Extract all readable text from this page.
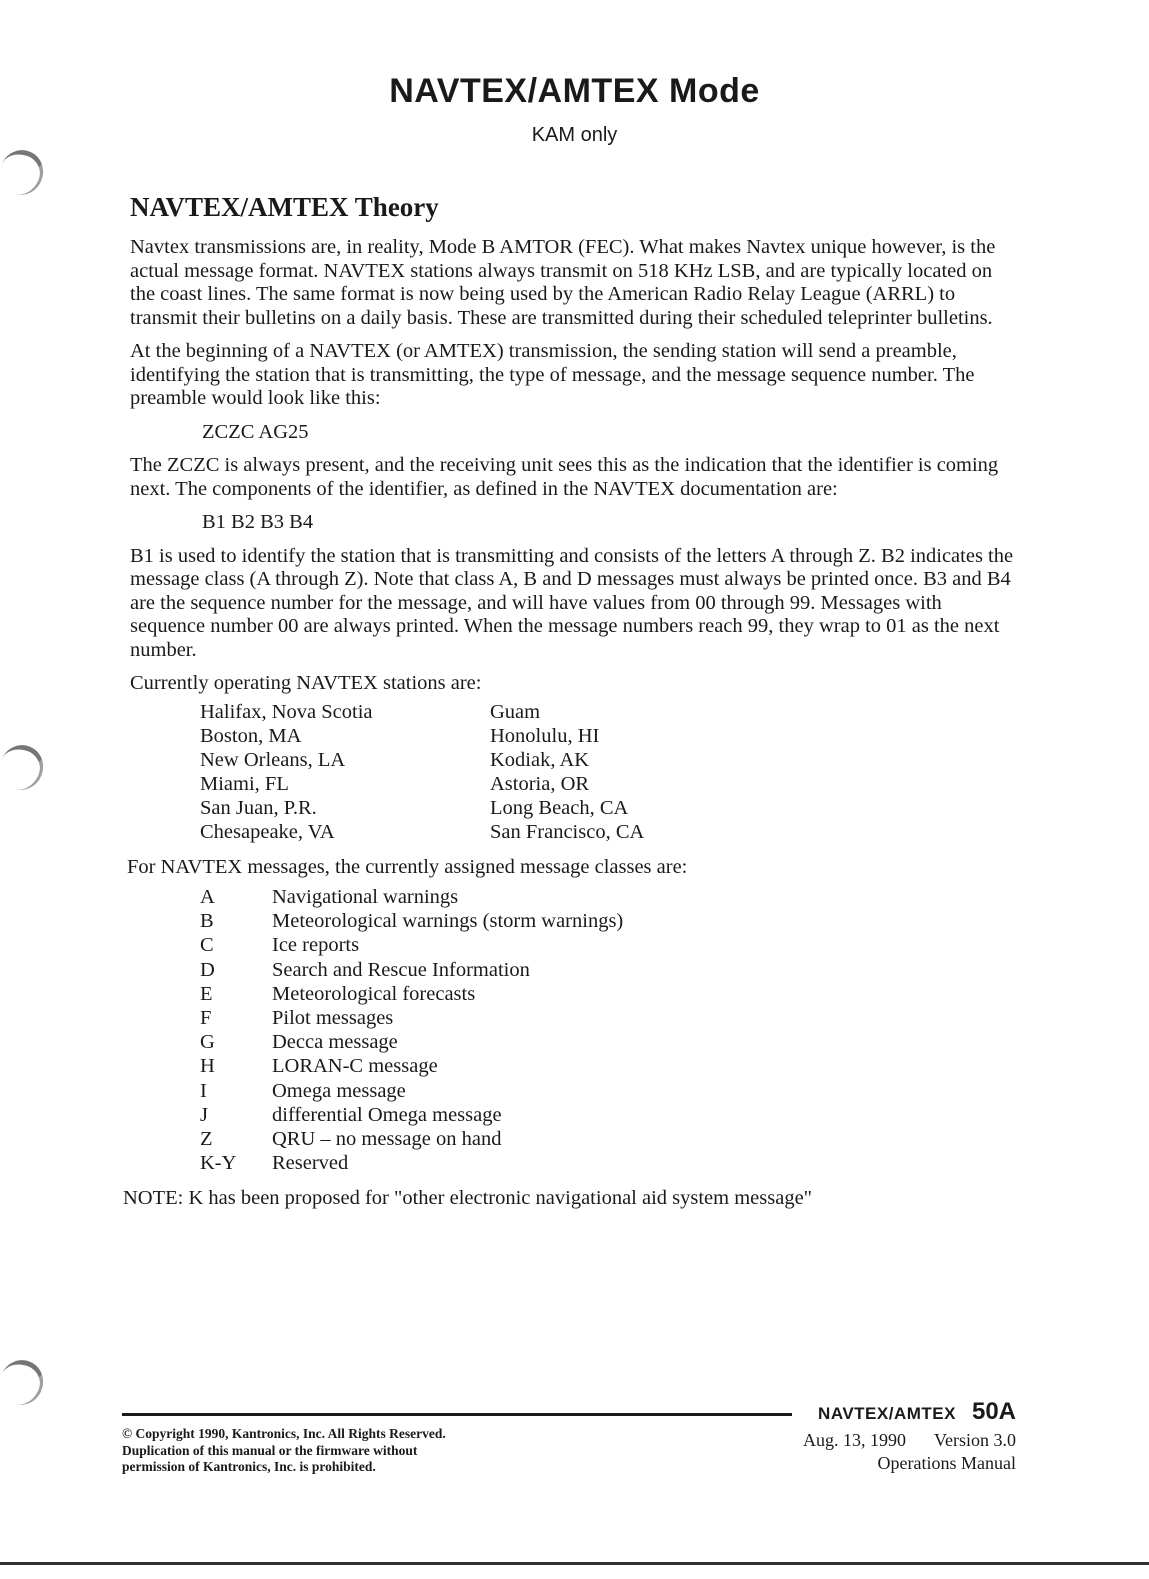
NAVTEX/AMTEX Mode
KAM only
NAVTEX/AMTEX Theory

Navtex transmissions are, in reality, Mode B AMTOR (FEC). What makes Navtex unique however, is the actual message format. NAVTEX stations always transmit on 518 KHz LSB, and are typically located on the coast lines. The same format is now being used by the American Radio Relay League (ARRL) to transmit their bulletins on a daily basis. These are transmitted during their scheduled teleprinter bulletins.

At the beginning of a NAVTEX (or AMTEX) transmission, the sending station will send a preamble, identifying the station that is transmitting, the type of message, and the message sequence number. The preamble would look like this:

ZCZC AG25

The ZCZC is always present, and the receiving unit sees this as the indication that the identifier is coming next. The components of the identifier, as defined in the NAVTEX documentation are:

B1 B2 B3 B4

B1 is used to identify the station that is transmitting and consists of the letters A through Z. B2 indicates the message class (A through Z). Note that class A, B and D messages must always be printed once. B3 and B4 are the sequence number for the message, and will have values from 00 through 99. Messages with sequence number 00 are always printed. When the message numbers reach 99, they wrap to 01 as the next number.

Currently operating NAVTEX stations are:

Halifax, Nova Scotia	Guam
Boston, MA	Honolulu, HI
New Orleans, LA	Kodiak, AK
Miami, FL	Astoria, OR
San Juan, P.R.	Long Beach, CA
Chesapeake, VA	San Francisco, CA

For NAVTEX messages, the currently assigned message classes are:

A	Navigational warnings
B	Meteorological warnings (storm warnings)
C	Ice reports
D	Search and Rescue Information
E	Meteorological forecasts
F	Pilot messages
G	Decca message
H	LORAN-C message
I	Omega message
J	differential Omega message
Z	QRU – no message on hand
K-Y	Reserved

NOTE: K has been proposed for "other electronic navigational aid system message"

© Copyright 1990, Kantronics, Inc. All Rights Reserved.
Duplication of this manual or the firmware without
permission of Kantronics, Inc. is prohibited.
NAVTEX/AMTEX 50A
Aug. 13, 1990 Version 3.0
Operations Manual
